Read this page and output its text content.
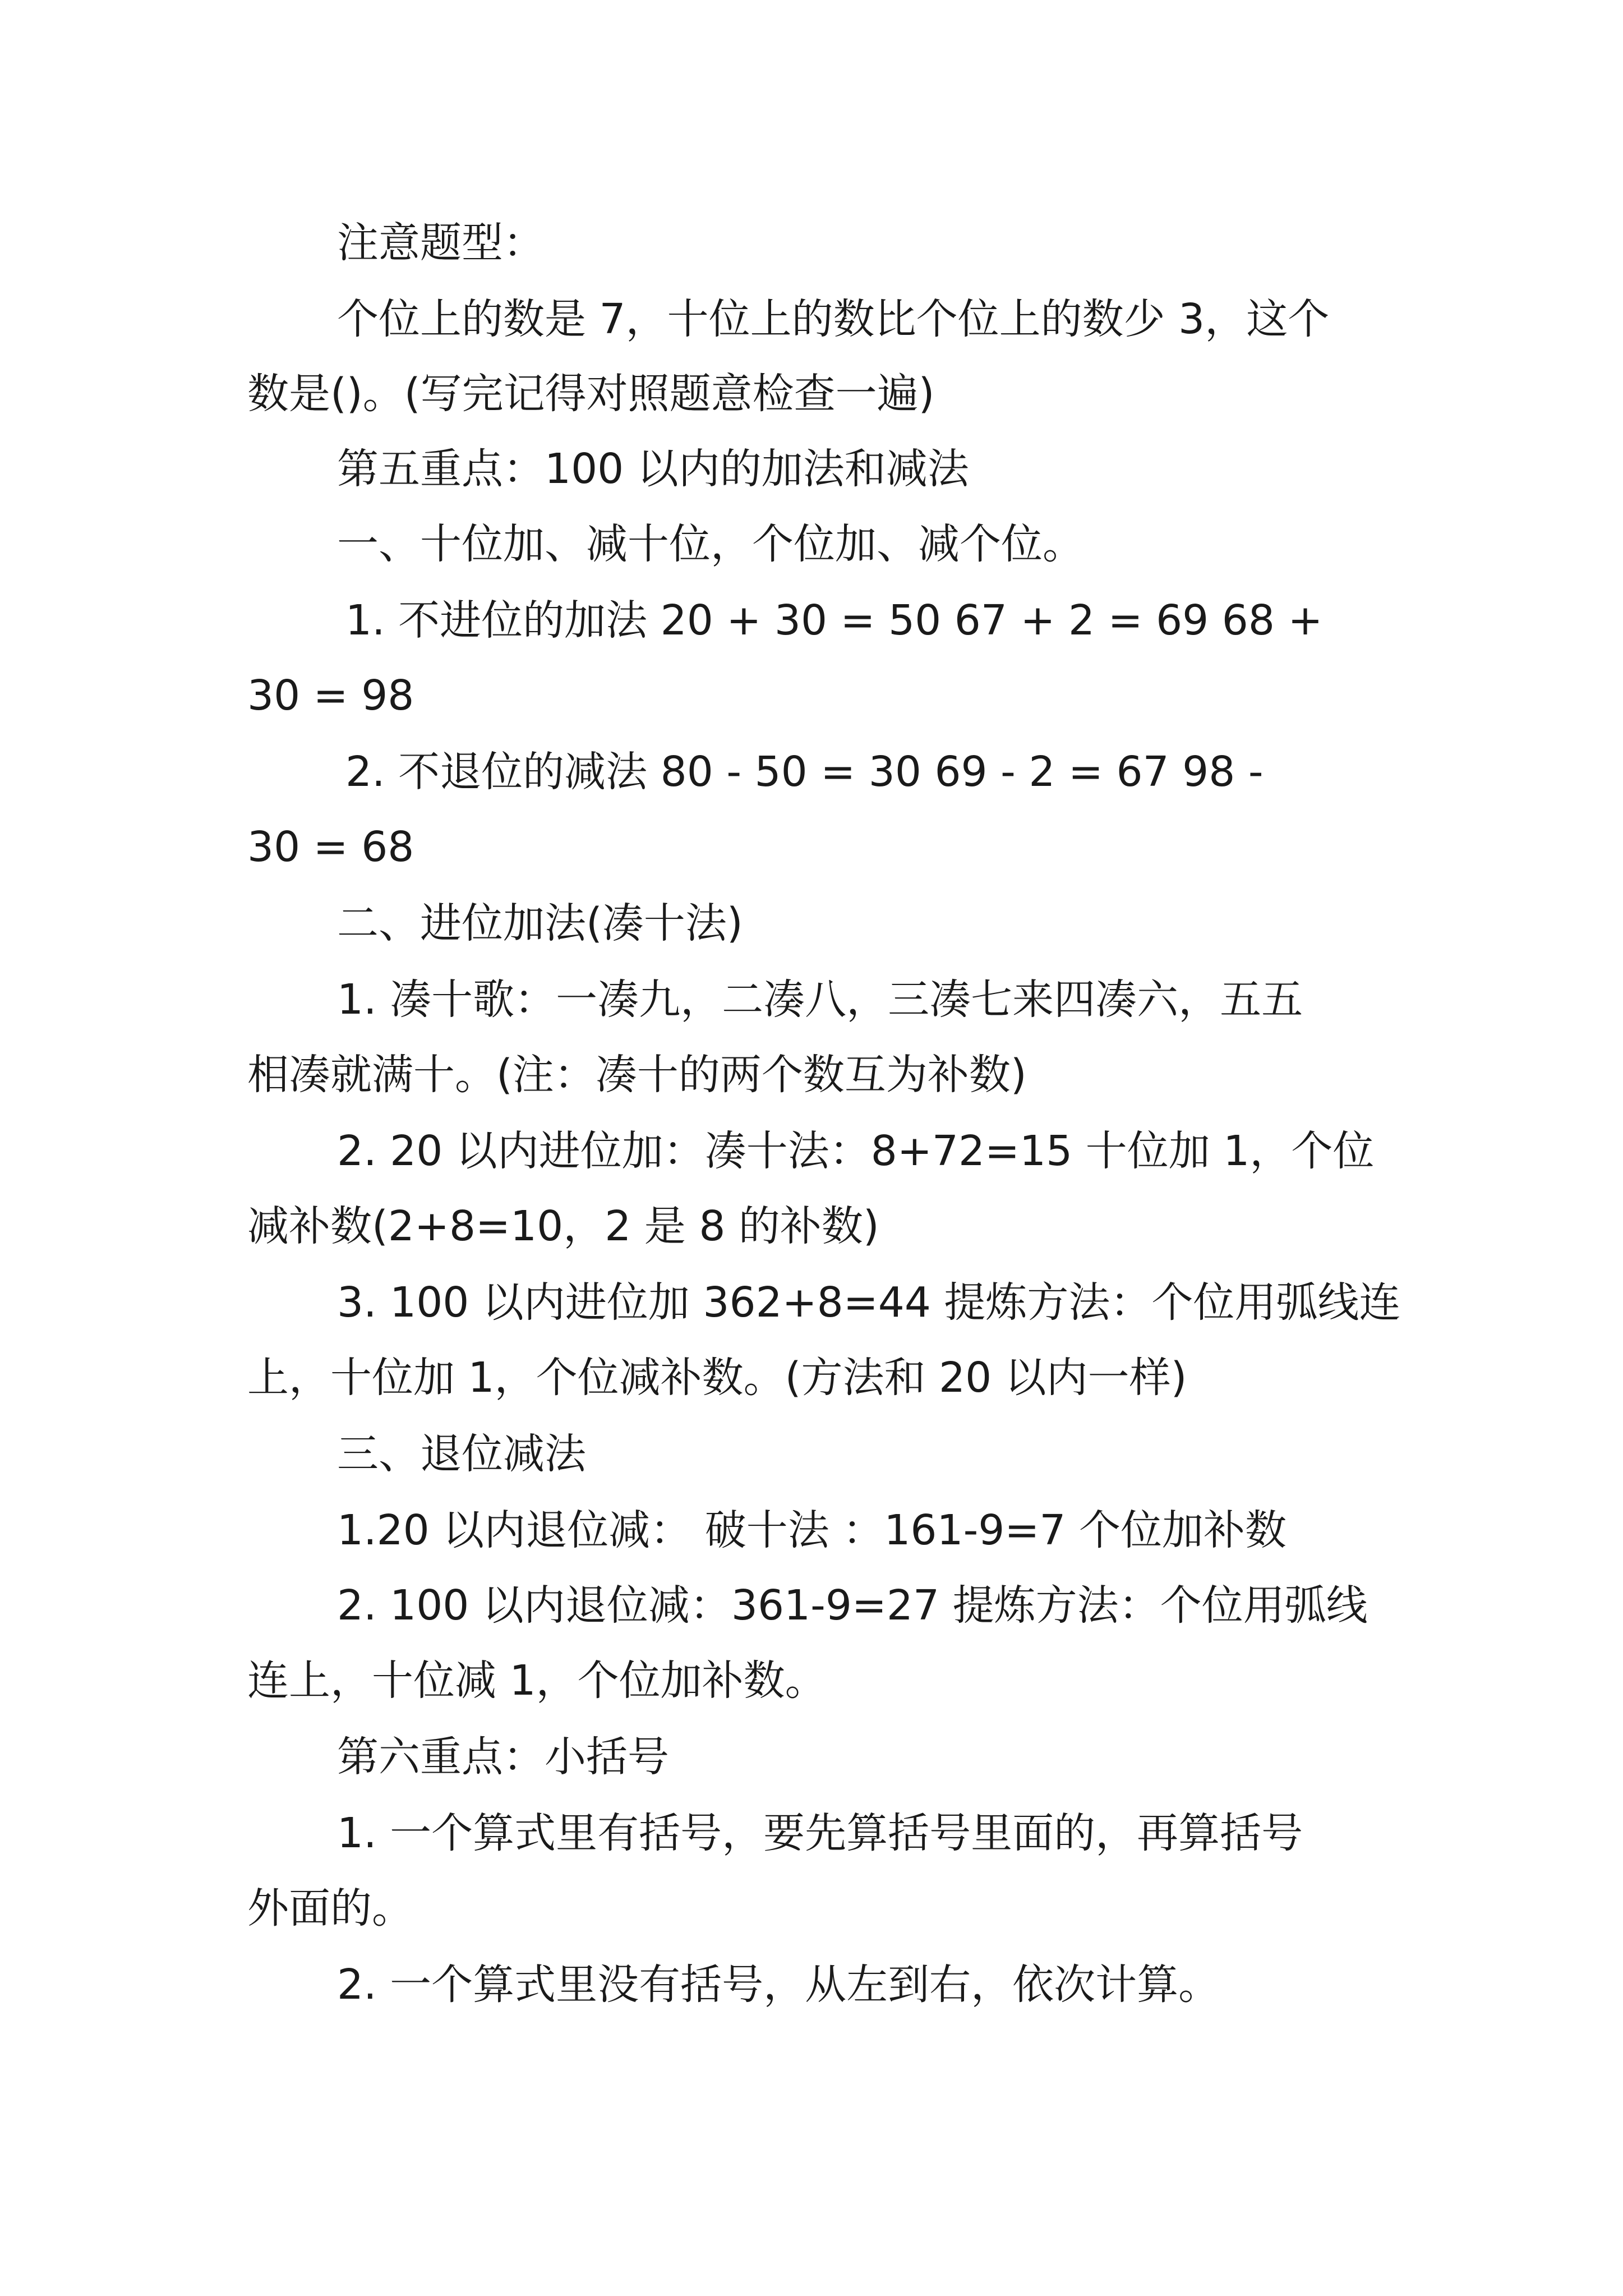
注意题型：
个位上的数是 7，十位上的数比个位上的数少 3，这个
数是()。(写完记得对照题意检查一遍)
第五重点：100 以内的加法和减法
一、十位加、减十位，个位加、减个位。
1. 不进位的加法 20 + 30 = 50 67 + 2 = 69 68 +
30 = 98
2. 不退位的减法 80 - 50 = 30 69 - 2 = 67 98 -
30 = 68
二、进位加法(凑十法)
1. 凑十歌：一凑九，二凑八，三凑七来四凑六，五五
相凑就满十。(注：凑十的两个数互为补数)
2. 20 以内进位加：凑十法：8+72=15 十位加 1，个位
减补数(2+8=10，2 是 8 的补数)
3. 100 以内进位加 362+8=44 提炼方法：个位用弧线连
上，十位加 1，个位减补数。(方法和 20 以内一样)
三、退位减法
1.20 以内退位减： 破十法 ：161-9=7 个位加补数
2. 100 以内退位减：361-9=27 提炼方法：个位用弧线
连上，十位减 1，个位加补数。
第六重点：小括号
1. 一个算式里有括号，要先算括号里面的，再算括号
外面的。
2. 一个算式里没有括号，从左到右，依次计算。
